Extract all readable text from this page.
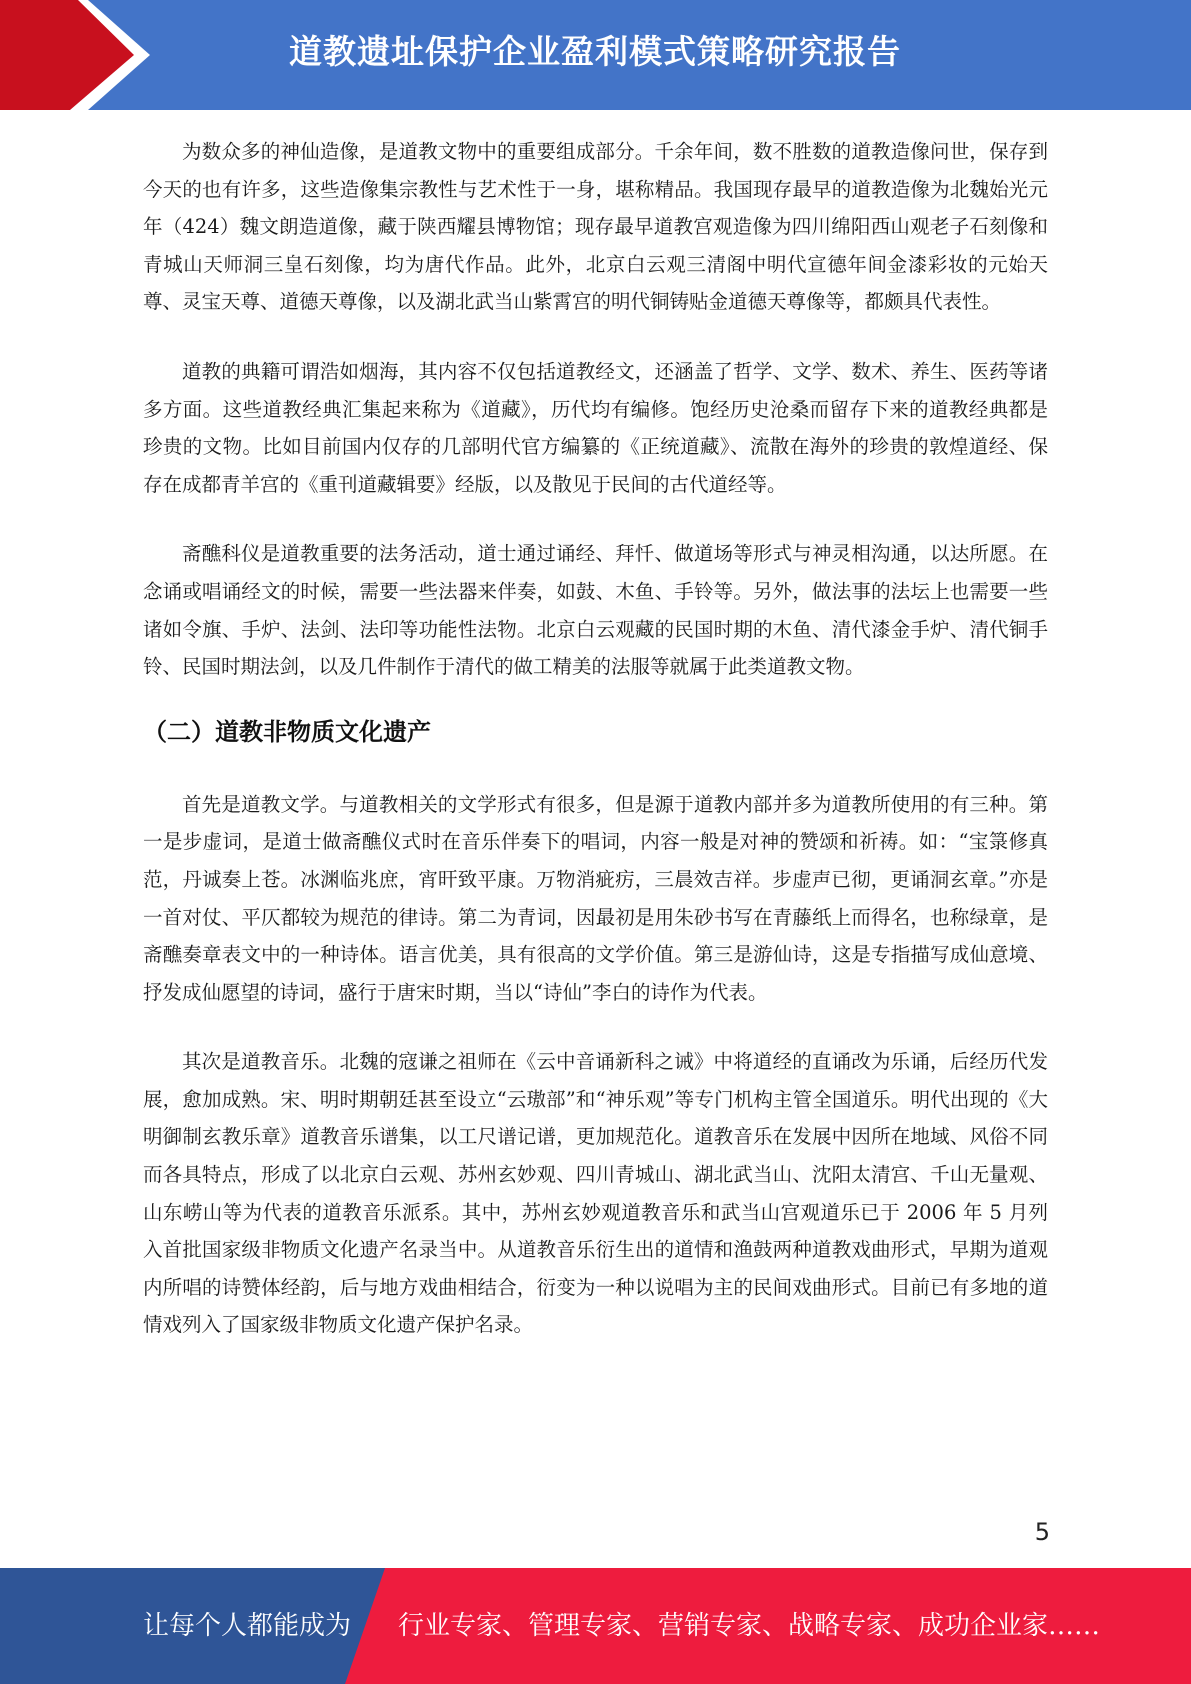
道教遗址保护企业盈利模式策略研究报告

为数众多的神仙造像，是道教文物中的重要组成部分。千余年间，数不胜数的道教造像问世，保存到今天的也有许多，这些造像集宗教性与艺术性于一身，堪称精品。我国现存最早的道教造像为北魏始光元年（424）魏文朗造道像，藏于陕西耀县博物馆；现存最早道教宫观造像为四川绵阳西山观老子石刻像和青城山天师洞三皇石刻像，均为唐代作品。此外，北京白云观三清阁中明代宣德年间金漆彩妆的元始天尊、灵宝天尊、道德天尊像，以及湖北武当山紫霄宫的明代铜铸贴金道德天尊像等，都颇具代表性。

道教的典籍可谓浩如烟海，其内容不仅包括道教经文，还涵盖了哲学、文学、数术、养生、医药等诸多方面。这些道教经典汇集起来称为《道藏》，历代均有编修。饱经历史沧桑而留存下来的道教经典都是珍贵的文物。比如目前国内仅存的几部明代官方编纂的《正统道藏》、流散在海外的珍贵的敦煌道经、保存在成都青羊宫的《重刊道藏辑要》经版，以及散见于民间的古代道经等。

斋醮科仪是道教重要的法务活动，道士通过诵经、拜忏、做道场等形式与神灵相沟通，以达所愿。在念诵或唱诵经文的时候，需要一些法器来伴奏，如鼓、木鱼、手铃等。另外，做法事的法坛上也需要一些诸如令旗、手炉、法剑、法印等功能性法物。北京白云观藏的民国时期的木鱼、清代漆金手炉、清代铜手铃、民国时期法剑，以及几件制作于清代的做工精美的法服等就属于此类道教文物。

（二）道教非物质文化遗产

首先是道教文学。与道教相关的文学形式有很多，但是源于道教内部并多为道教所使用的有三种。第一是步虚词，是道士做斋醮仪式时在音乐伴奏下的唱词，内容一般是对神的赞颂和祈祷。如：“宝箓修真范，丹诚奏上苍。冰渊临兆庶，宵旰致平康。万物消疵疠，三晨效吉祥。步虚声已彻，更诵洞玄章。”亦是一首对仗、平仄都较为规范的律诗。第二为青词，因最初是用朱砂书写在青藤纸上而得名，也称绿章，是斋醮奏章表文中的一种诗体。语言优美，具有很高的文学价值。第三是游仙诗，这是专指描写成仙意境、抒发成仙愿望的诗词，盛行于唐宋时期，当以“诗仙”李白的诗作为代表。

其次是道教音乐。北魏的寇谦之祖师在《云中音诵新科之诫》中将道经的直诵改为乐诵，后经历代发展，愈加成熟。宋、明时期朝廷甚至设立“云璈部”和“神乐观”等专门机构主管全国道乐。明代出现的《大明御制玄教乐章》道教音乐谱集，以工尺谱记谱，更加规范化。道教音乐在发展中因所在地域、风俗不同而各具特点，形成了以北京白云观、苏州玄妙观、四川青城山、湖北武当山、沈阳太清宫、千山无量观、山东崂山等为代表的道教音乐派系。其中，苏州玄妙观道教音乐和武当山宫观道乐已于 2006 年 5 月列入首批国家级非物质文化遗产名录当中。从道教音乐衍生出的道情和渔鼓两种道教戏曲形式，早期为道观内所唱的诗赞体经韵，后与地方戏曲相结合，衍变为一种以说唱为主的民间戏曲形式。目前已有多地的道情戏列入了国家级非物质文化遗产保护名录。

5
让每个人都能成为 行业专家、管理专家、营销专家、战略专家、成功企业家……
